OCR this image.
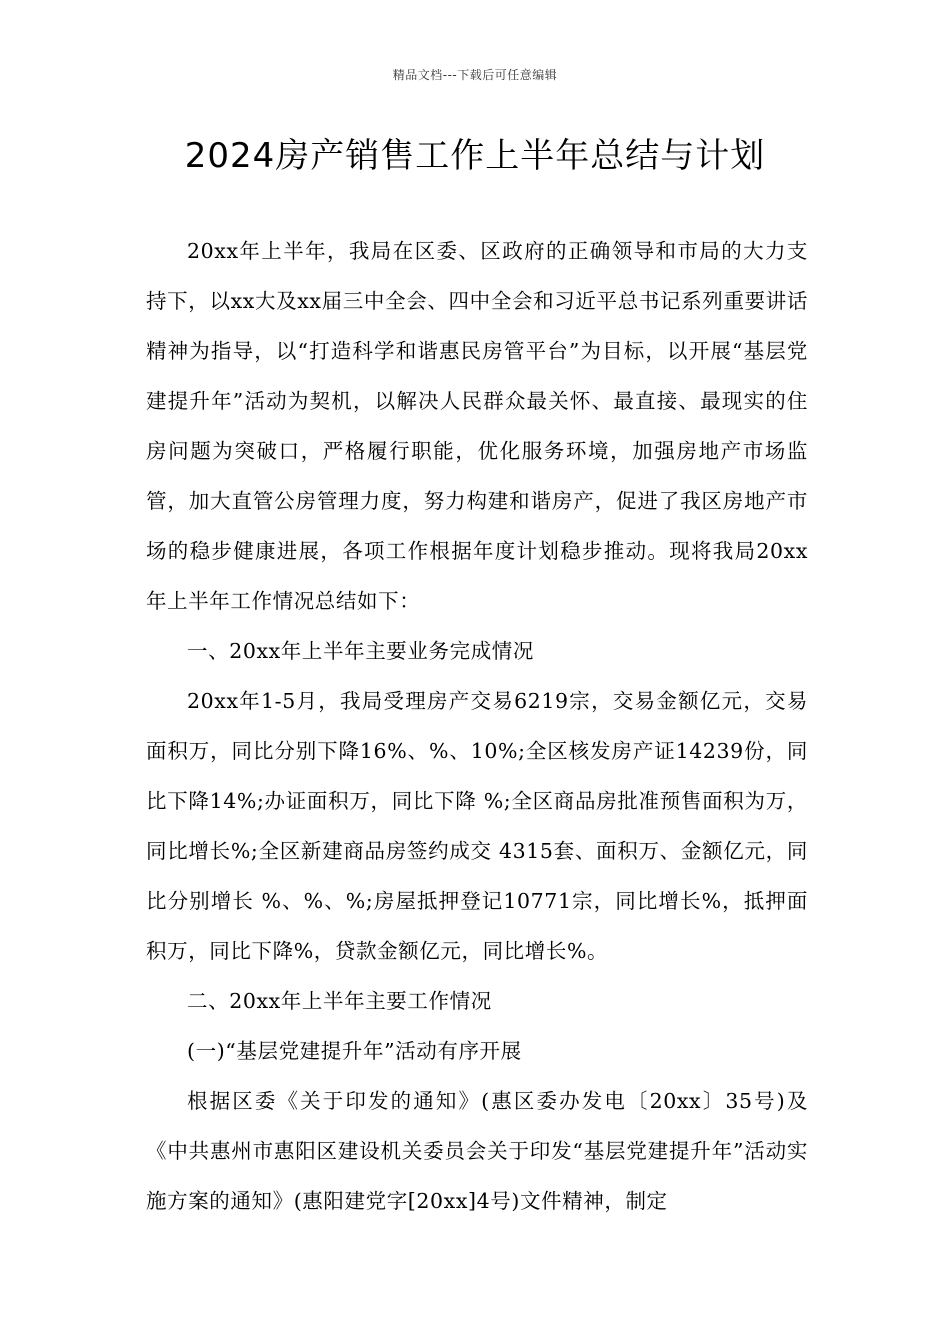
精品文档---下载后可任意编辑
2024房产销售工作上半年总结与计划

20xx年上半年，我局在区委、区政府的正确领导和市局的大力支持下，以xx大及xx届三中全会、四中全会和习近平总书记系列重要讲话精神为指导，以“打造科学和谐惠民房管平台”为目标，以开展“基层党建提升年”活动为契机，以解决人民群众最关怀、最直接、最现实的住房问题为突破口，严格履行职能，优化服务环境，加强房地产市场监管，加大直管公房管理力度，努力构建和谐房产，促进了我区房地产市场的稳步健康进展，各项工作根据年度计划稳步推动。现将我局20xx年上半年工作情况总结如下：

一、20xx年上半年主要业务完成情况

20xx年1-5月，我局受理房产交易6219宗，交易金额亿元，交易面积万，同比分别下降16%、%、10%;全区核发房产证14239份，同比下降14%;办证面积万，同比下降 %;全区商品房批准预售面积为万，同比增长%;全区新建商品房签约成交 4315套、面积万、金额亿元，同比分别增长 %、%、%;房屋抵押登记10771宗，同比增长%，抵押面积万，同比下降%，贷款金额亿元，同比增长%。

二、20xx年上半年主要工作情况

(一)“基层党建提升年”活动有序开展

根据区委《关于印发的通知》(惠区委办发电〔20xx〕35号)及《中共惠州市惠阳区建设机关委员会关于印发“基层党建提升年”活动实施方案的通知》(惠阳建党字[20xx]4号)文件精神，制定
